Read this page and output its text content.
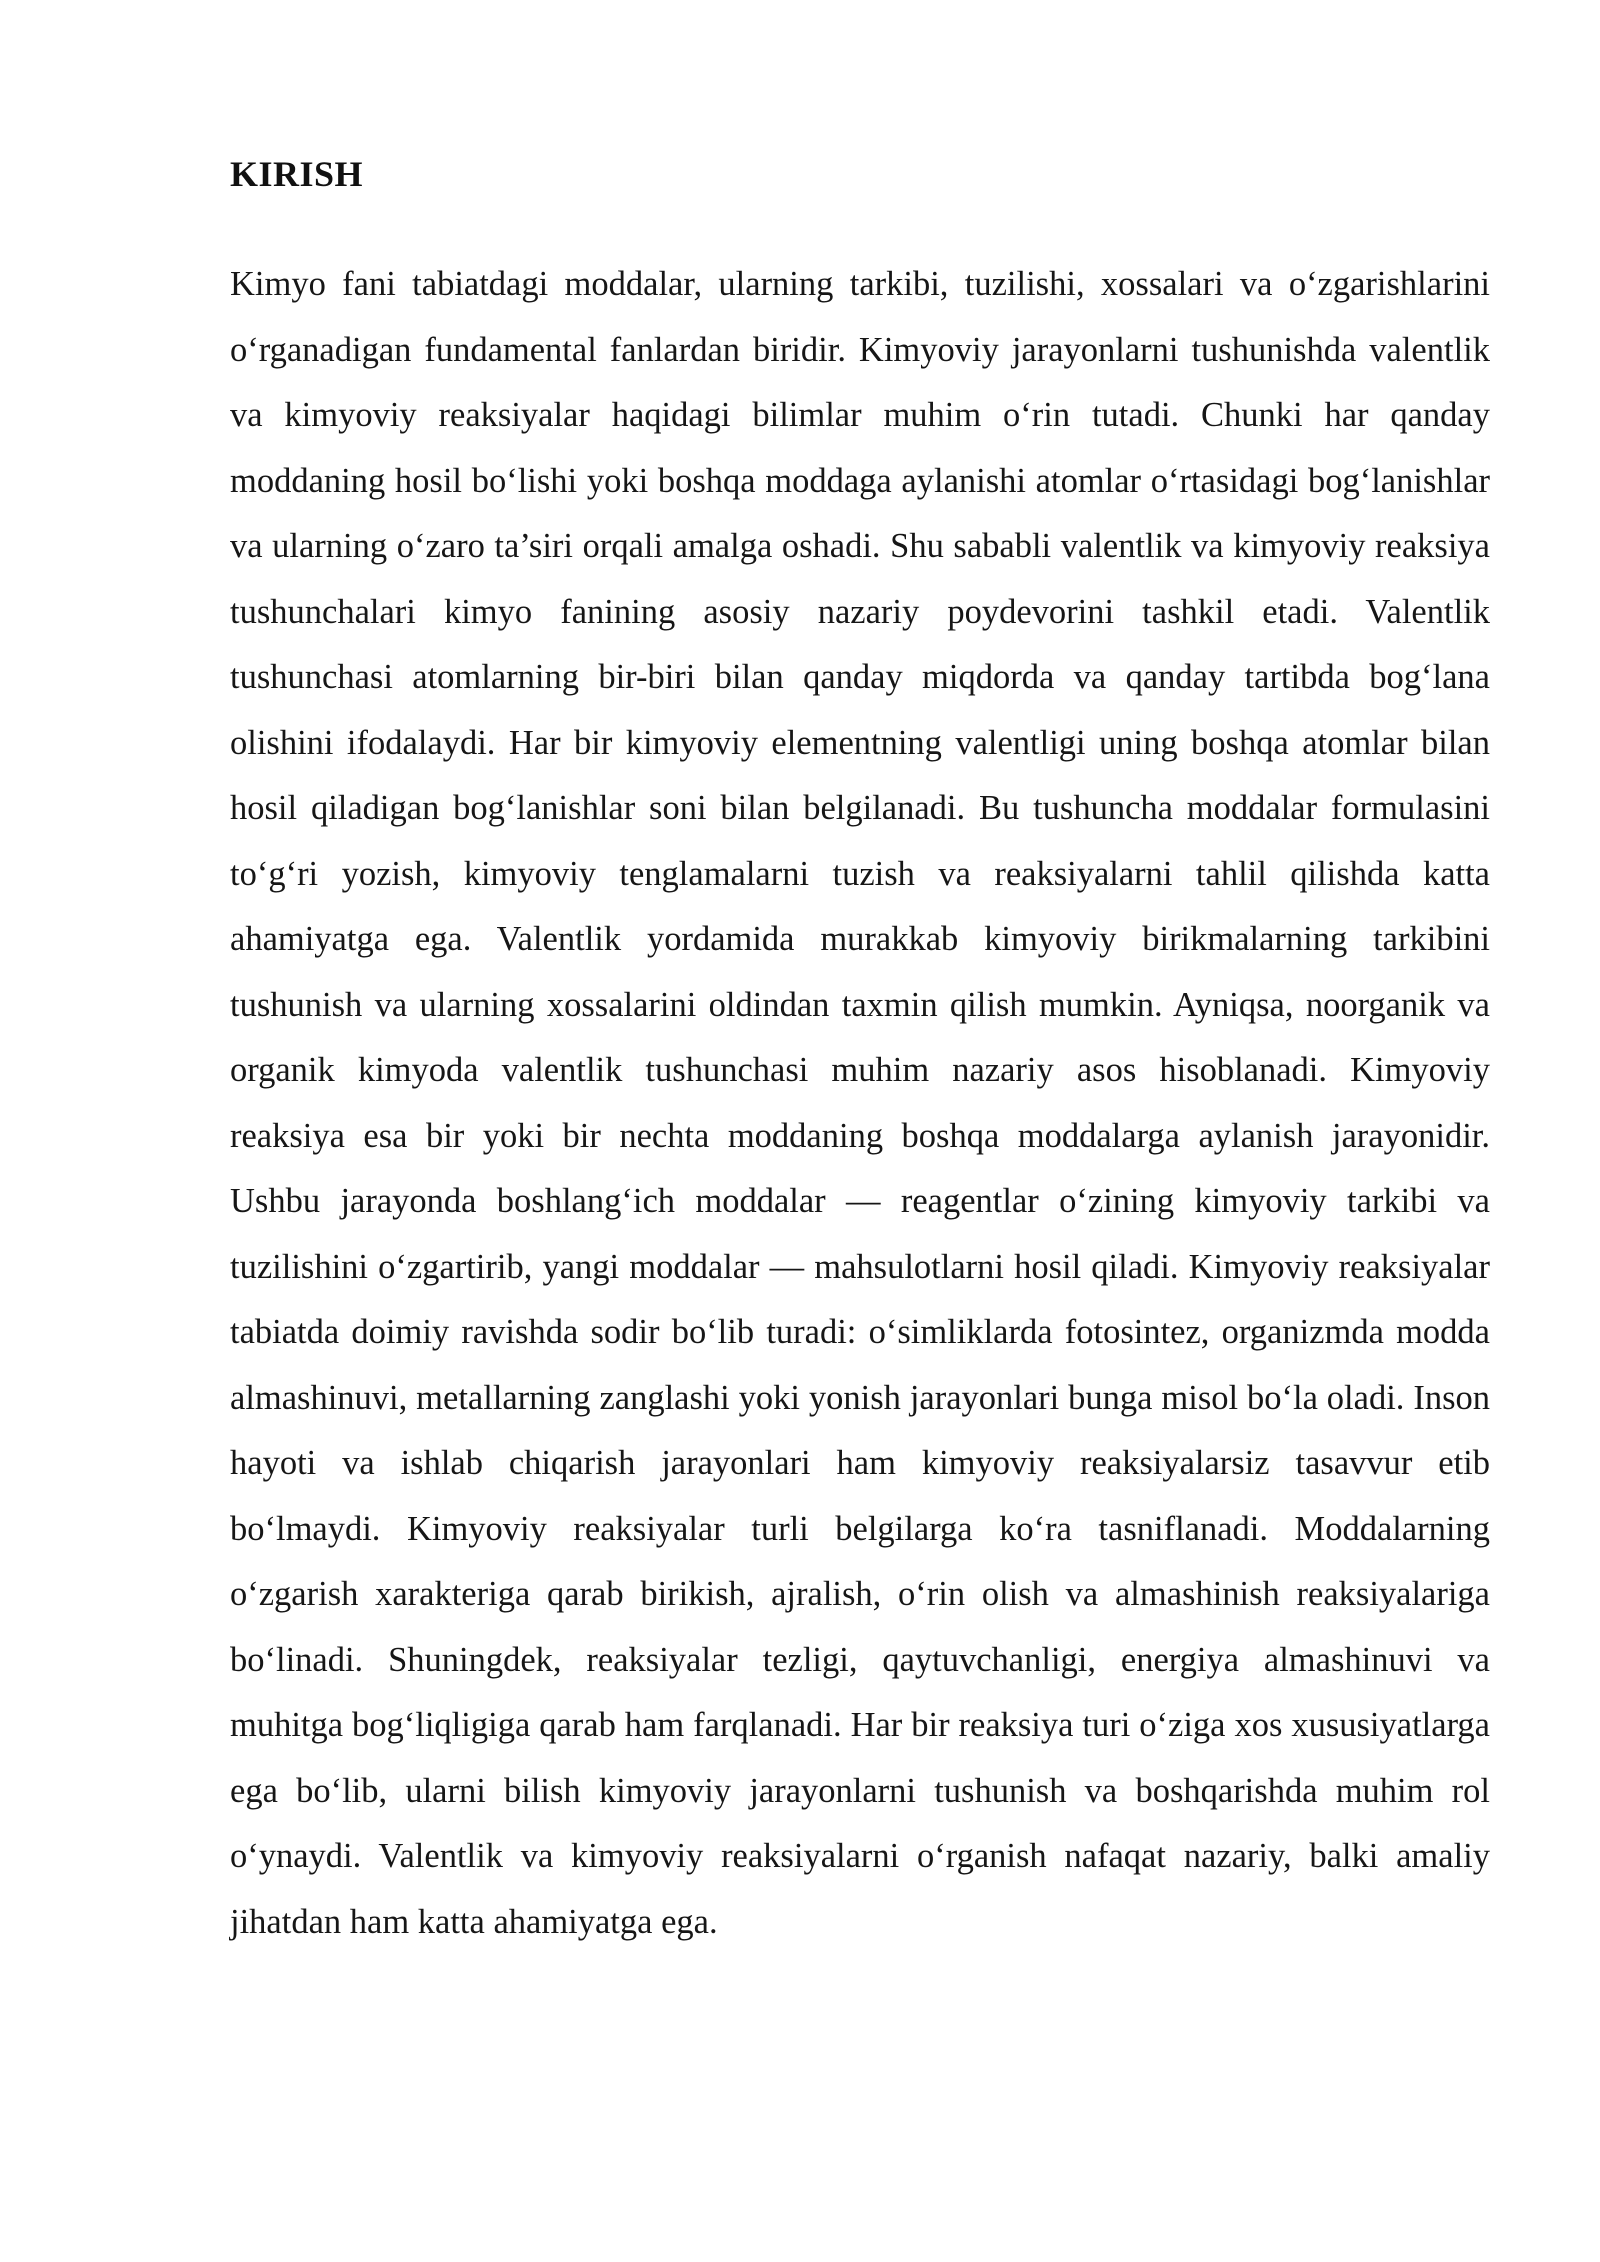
KIRISH

Kimyo fani tabiatdagi moddalar, ularning tarkibi, tuzilishi, xossalari va o‘zgarishlarini o‘rganadigan fundamental fanlardan biridir. Kimyoviy jarayonlarni tushunishda valentlik va kimyoviy reaksiyalar haqidagi bilimlar muhim o‘rin tutadi. Chunki har qanday moddaning hosil bo‘lishi yoki boshqa moddaga aylanishi atomlar o‘rtasidagi bog‘lanishlar va ularning o‘zaro ta’siri orqali amalga oshadi. Shu sababli valentlik va kimyoviy reaksiya tushunchalari kimyo fanining asosiy nazariy poydevorini tashkil etadi. Valentlik tushunchasi atomlarning bir-biri bilan qanday miqdorda va qanday tartibda bog‘lana olishini ifodalaydi. Har bir kimyoviy elementning valentligi uning boshqa atomlar bilan hosil qiladigan bog‘lanishlar soni bilan belgilanadi. Bu tushuncha moddalar formulasini to‘g‘ri yozish, kimyoviy tenglamalarni tuzish va reaksiyalarni tahlil qilishda katta ahamiyatga ega. Valentlik yordamida murakkab kimyoviy birikmalarning tarkibini tushunish va ularning xossalarini oldindan taxmin qilish mumkin. Ayniqsa, noorganik va organik kimyoda valentlik tushunchasi muhim nazariy asos hisoblanadi. Kimyoviy reaksiya esa bir yoki bir nechta moddaning boshqa moddalarga aylanish jarayonidir. Ushbu jarayonda boshlang‘ich moddalar — reagentlar o‘zining kimyoviy tarkibi va tuzilishini o‘zgartirib, yangi moddalar — mahsulotlarni hosil qiladi. Kimyoviy reaksiyalar tabiatda doimiy ravishda sodir bo‘lib turadi: o‘simliklarda fotosintez, organizmda modda almashinuvi, metallarning zanglashi yoki yonish jarayonlari bunga misol bo‘la oladi. Inson hayoti va ishlab chiqarish jarayonlari ham kimyoviy reaksiyalarsiz tasavvur etib bo‘lmaydi. Kimyoviy reaksiyalar turli belgilarga ko‘ra tasniflanadi. Moddalarning o‘zgarish xarakteriga qarab birikish, ajralish, o‘rin olish va almashinish reaksiyalariga bo‘linadi. Shuningdek, reaksiyalar tezligi, qaytuvchanligi, energiya almashinuvi va muhitga bog‘liqligiga qarab ham farqlanadi. Har bir reaksiya turi o‘ziga xos xususiyatlarga ega bo‘lib, ularni bilish kimyoviy jarayonlarni tushunish va boshqarishda muhim rol o‘ynaydi. Valentlik va kimyoviy reaksiyalarni o‘rganish nafaqat nazariy, balki amaliy jihatdan ham katta ahamiyatga ega.
